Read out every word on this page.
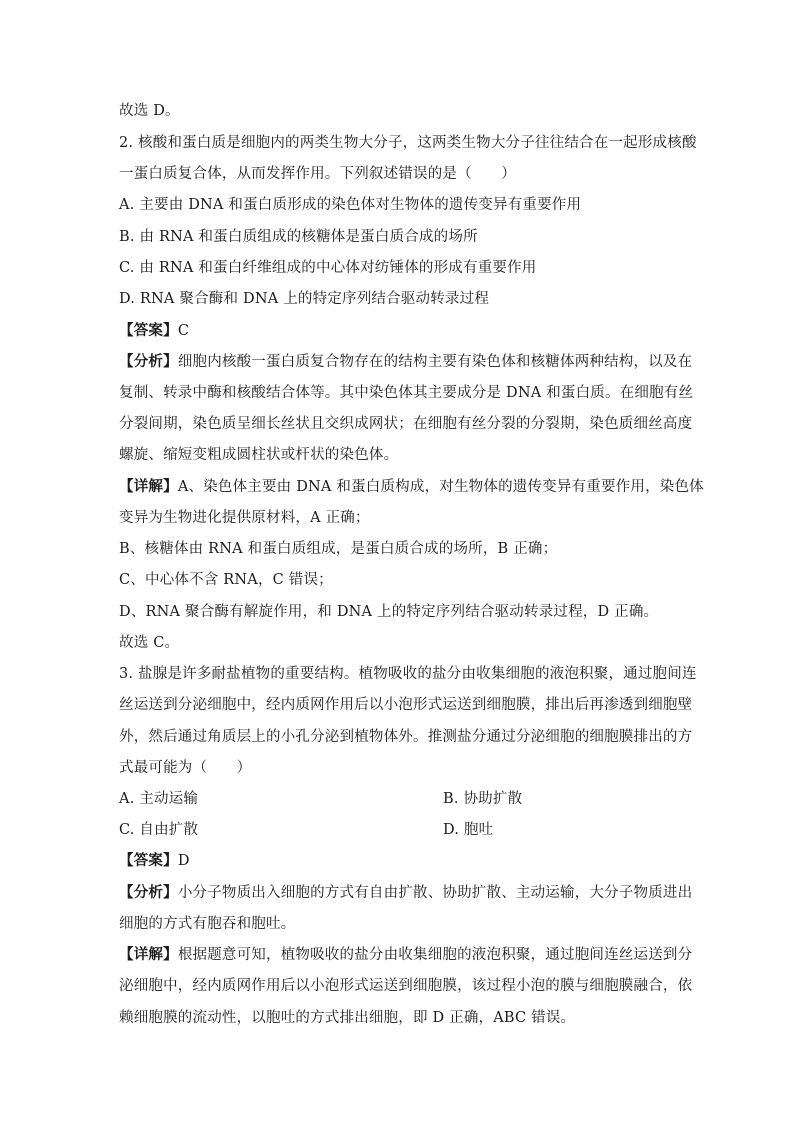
故选 D。
2. 核酸和蛋白质是细胞内的两类生物大分子，这两类生物大分子往往结合在一起形成核酸
一蛋白质复合体，从而发挥作用。下列叙述错误的是（　　）
A. 主要由 DNA 和蛋白质形成的染色体对生物体的遗传变异有重要作用
B. 由 RNA 和蛋白质组成的核糖体是蛋白质合成的场所
C. 由 RNA 和蛋白纤维组成的中心体对纺锤体的形成有重要作用
D. RNA 聚合酶和 DNA 上的特定序列结合驱动转录过程
【答案】C
【分析】细胞内核酸一蛋白质复合物存在的结构主要有染色体和核糖体两种结构，以及在
复制、转录中酶和核酸结合体等。其中染色体其主要成分是 DNA 和蛋白质。在细胞有丝
分裂间期，染色质呈细长丝状且交织成网状；在细胞有丝分裂的分裂期，染色质细丝高度
螺旋、缩短变粗成圆柱状或杆状的染色体。
【详解】A、染色体主要由 DNA 和蛋白质构成，对生物体的遗传变异有重要作用，染色体
变异为生物进化提供原材料，A 正确；
B、核糖体由 RNA 和蛋白质组成，是蛋白质合成的场所，B 正确；
C、中心体不含 RNA，C 错误；
D、RNA 聚合酶有解旋作用，和 DNA 上的特定序列结合驱动转录过程，D 正确。
故选 C。
3. 盐腺是许多耐盐植物的重要结构。植物吸收的盐分由收集细胞的液泡积聚，通过胞间连
丝运送到分泌细胞中，经内质网作用后以小泡形式运送到细胞膜，排出后再渗透到细胞壁
外，然后通过角质层上的小孔分泌到植物体外。推测盐分通过分泌细胞的细胞膜排出的方
式最可能为（　　）
A. 主动运输	B. 协助扩散
C. 自由扩散	D. 胞吐
【答案】D
【分析】小分子物质出入细胞的方式有自由扩散、协助扩散、主动运输，大分子物质进出
细胞的方式有胞吞和胞吐。
【详解】根据题意可知，植物吸收的盐分由收集细胞的液泡积聚，通过胞间连丝运送到分
泌细胞中，经内质网作用后以小泡形式运送到细胞膜，该过程小泡的膜与细胞膜融合，依
赖细胞膜的流动性，以胞吐的方式排出细胞，即 D 正确，ABC 错误。
